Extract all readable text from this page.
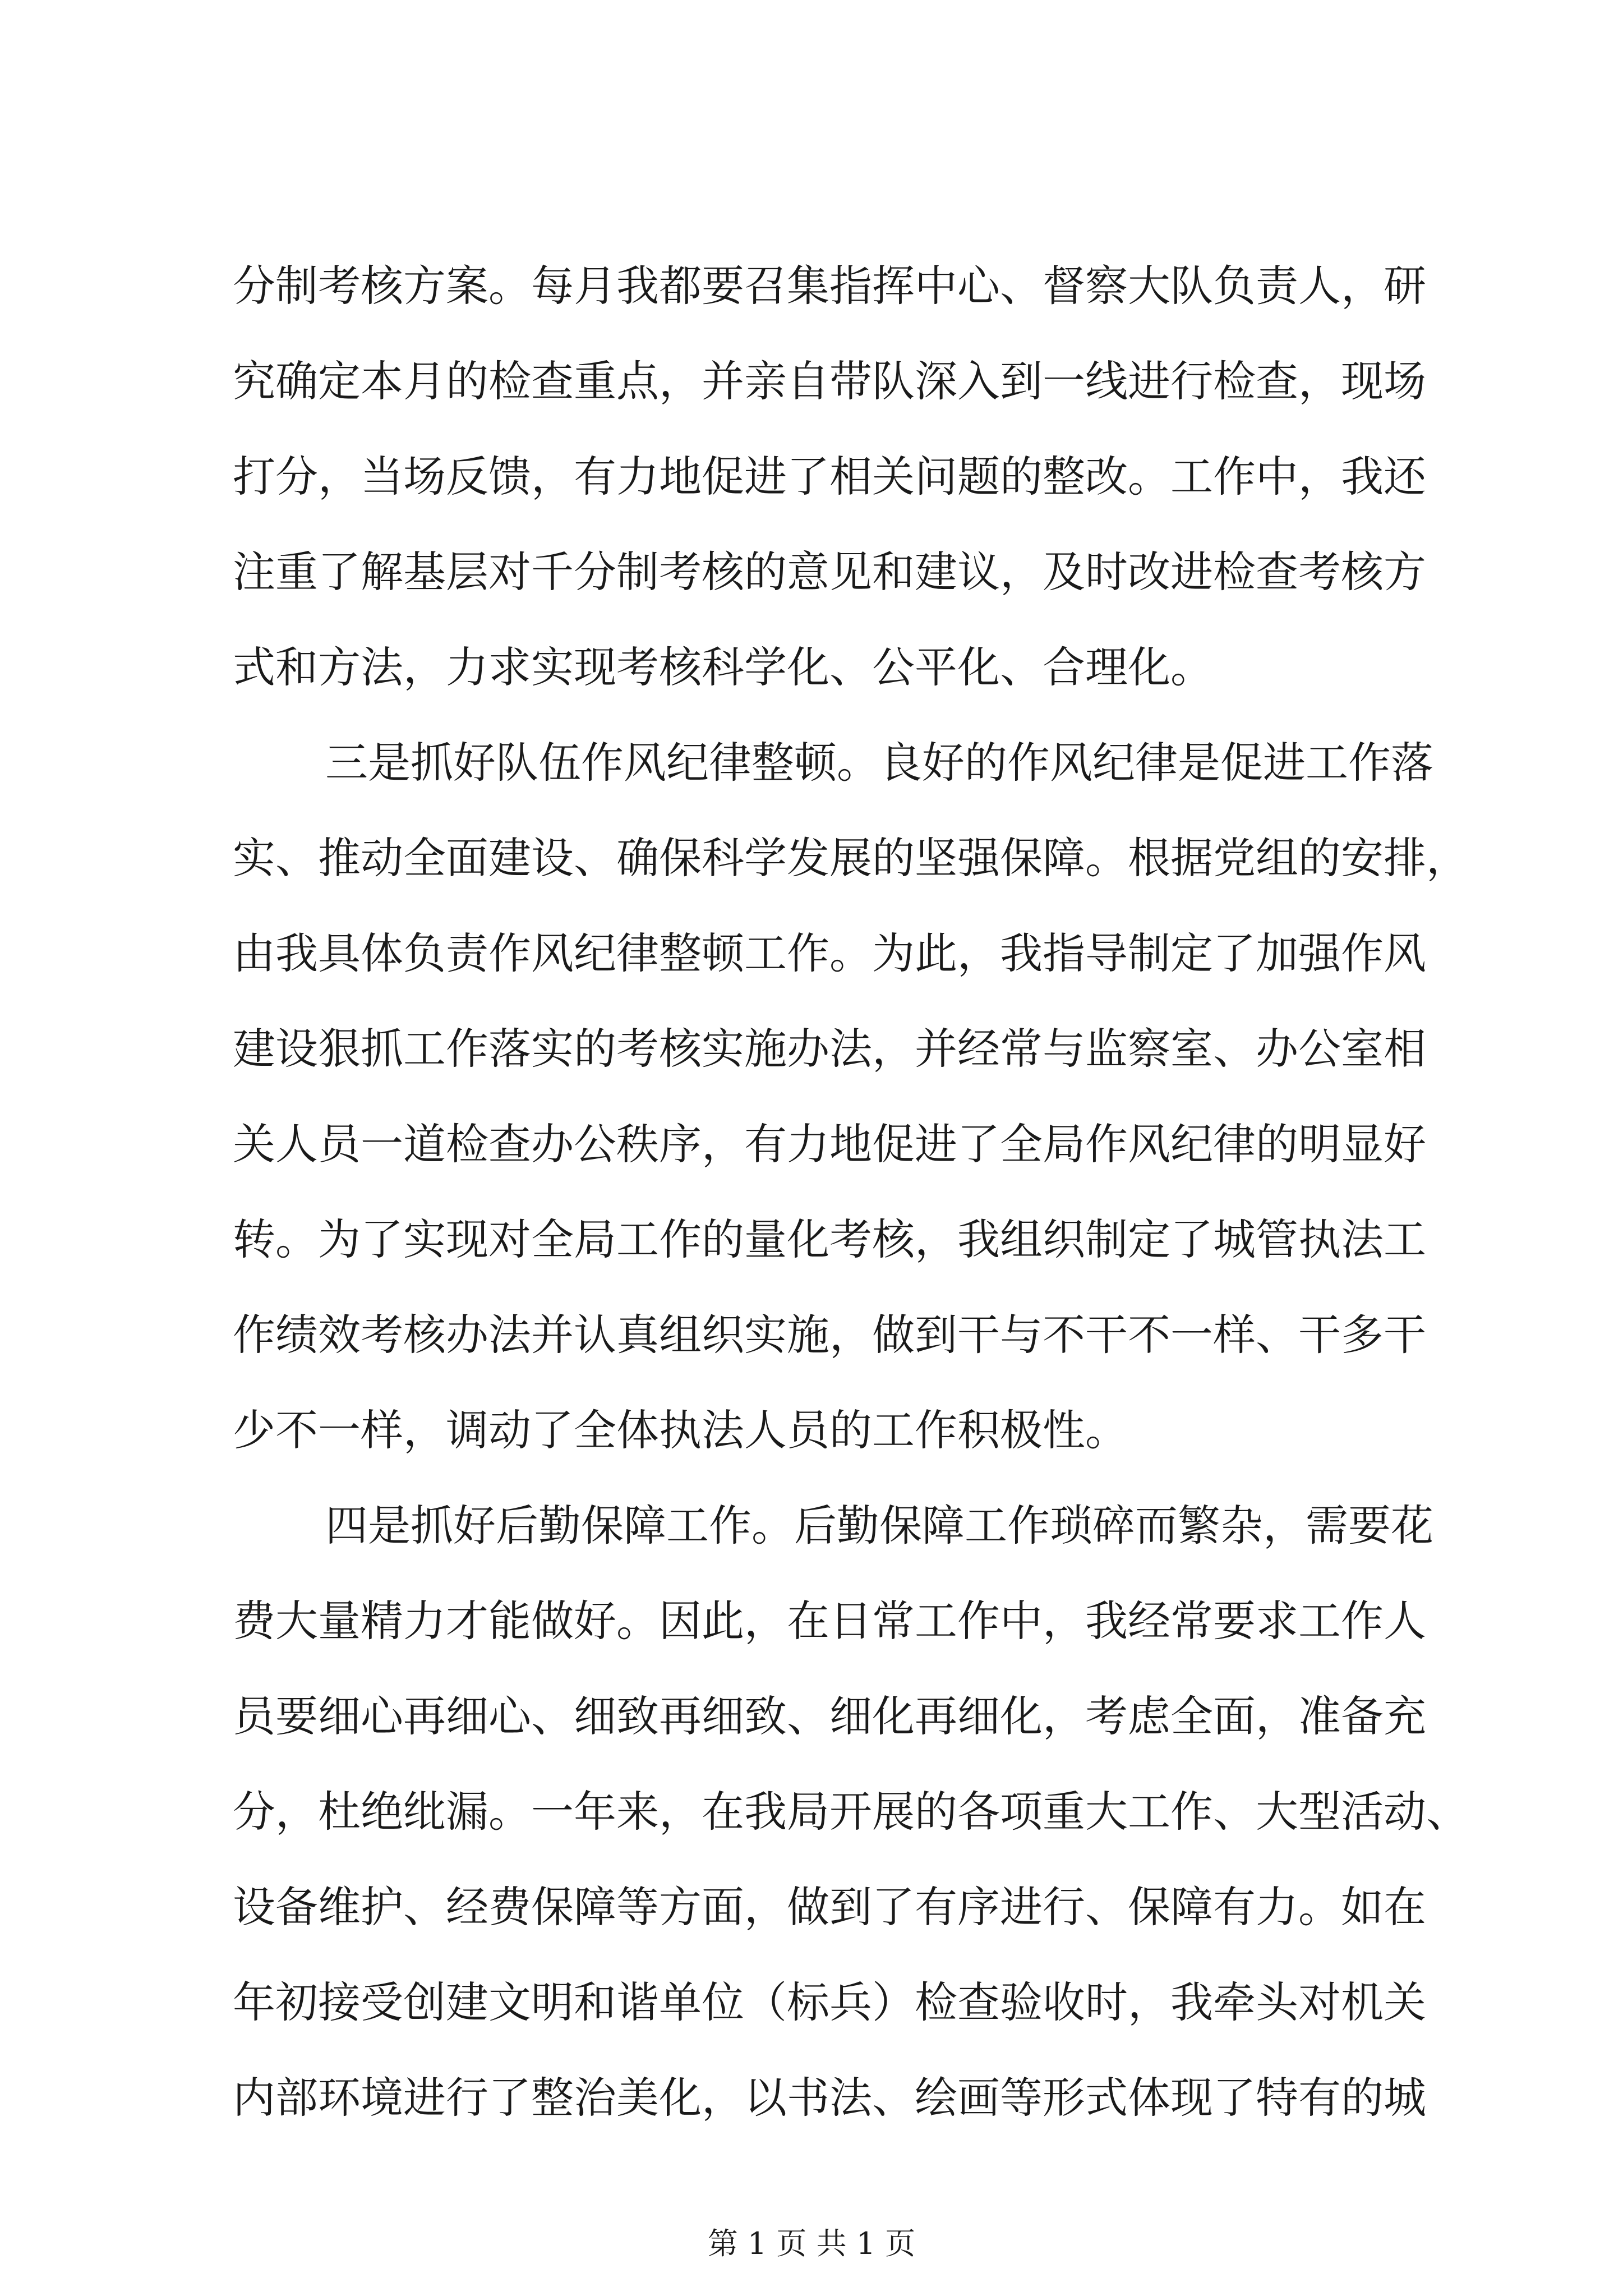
分制考核方案。每月我都要召集指挥中心、督察大队负责人，研
究确定本月的检查重点，并亲自带队深入到一线进行检查，现场
打分，当场反馈，有力地促进了相关问题的整改。工作中，我还
注重了解基层对千分制考核的意见和建议，及时改进检查考核方
式和方法，力求实现考核科学化、公平化、合理化。
三是抓好队伍作风纪律整顿。良好的作风纪律是促进工作落
实、推动全面建设、确保科学发展的坚强保障。根据党组的安排，
由我具体负责作风纪律整顿工作。为此，我指导制定了加强作风
建设狠抓工作落实的考核实施办法，并经常与监察室、办公室相
关人员一道检查办公秩序，有力地促进了全局作风纪律的明显好
转。为了实现对全局工作的量化考核，我组织制定了城管执法工
作绩效考核办法并认真组织实施，做到干与不干不一样、干多干
少不一样，调动了全体执法人员的工作积极性。
四是抓好后勤保障工作。后勤保障工作琐碎而繁杂，需要花
费大量精力才能做好。因此，在日常工作中，我经常要求工作人
员要细心再细心、细致再细致、细化再细化，考虑全面，准备充
分，杜绝纰漏。一年来，在我局开展的各项重大工作、大型活动、
设备维护、经费保障等方面，做到了有序进行、保障有力。如在
年初接受创建文明和谐单位（标兵）检查验收时，我牵头对机关
第 1 页 共 1 页
内部环境进行了整治美化，以书法、绘画等形式体现了特有的城
